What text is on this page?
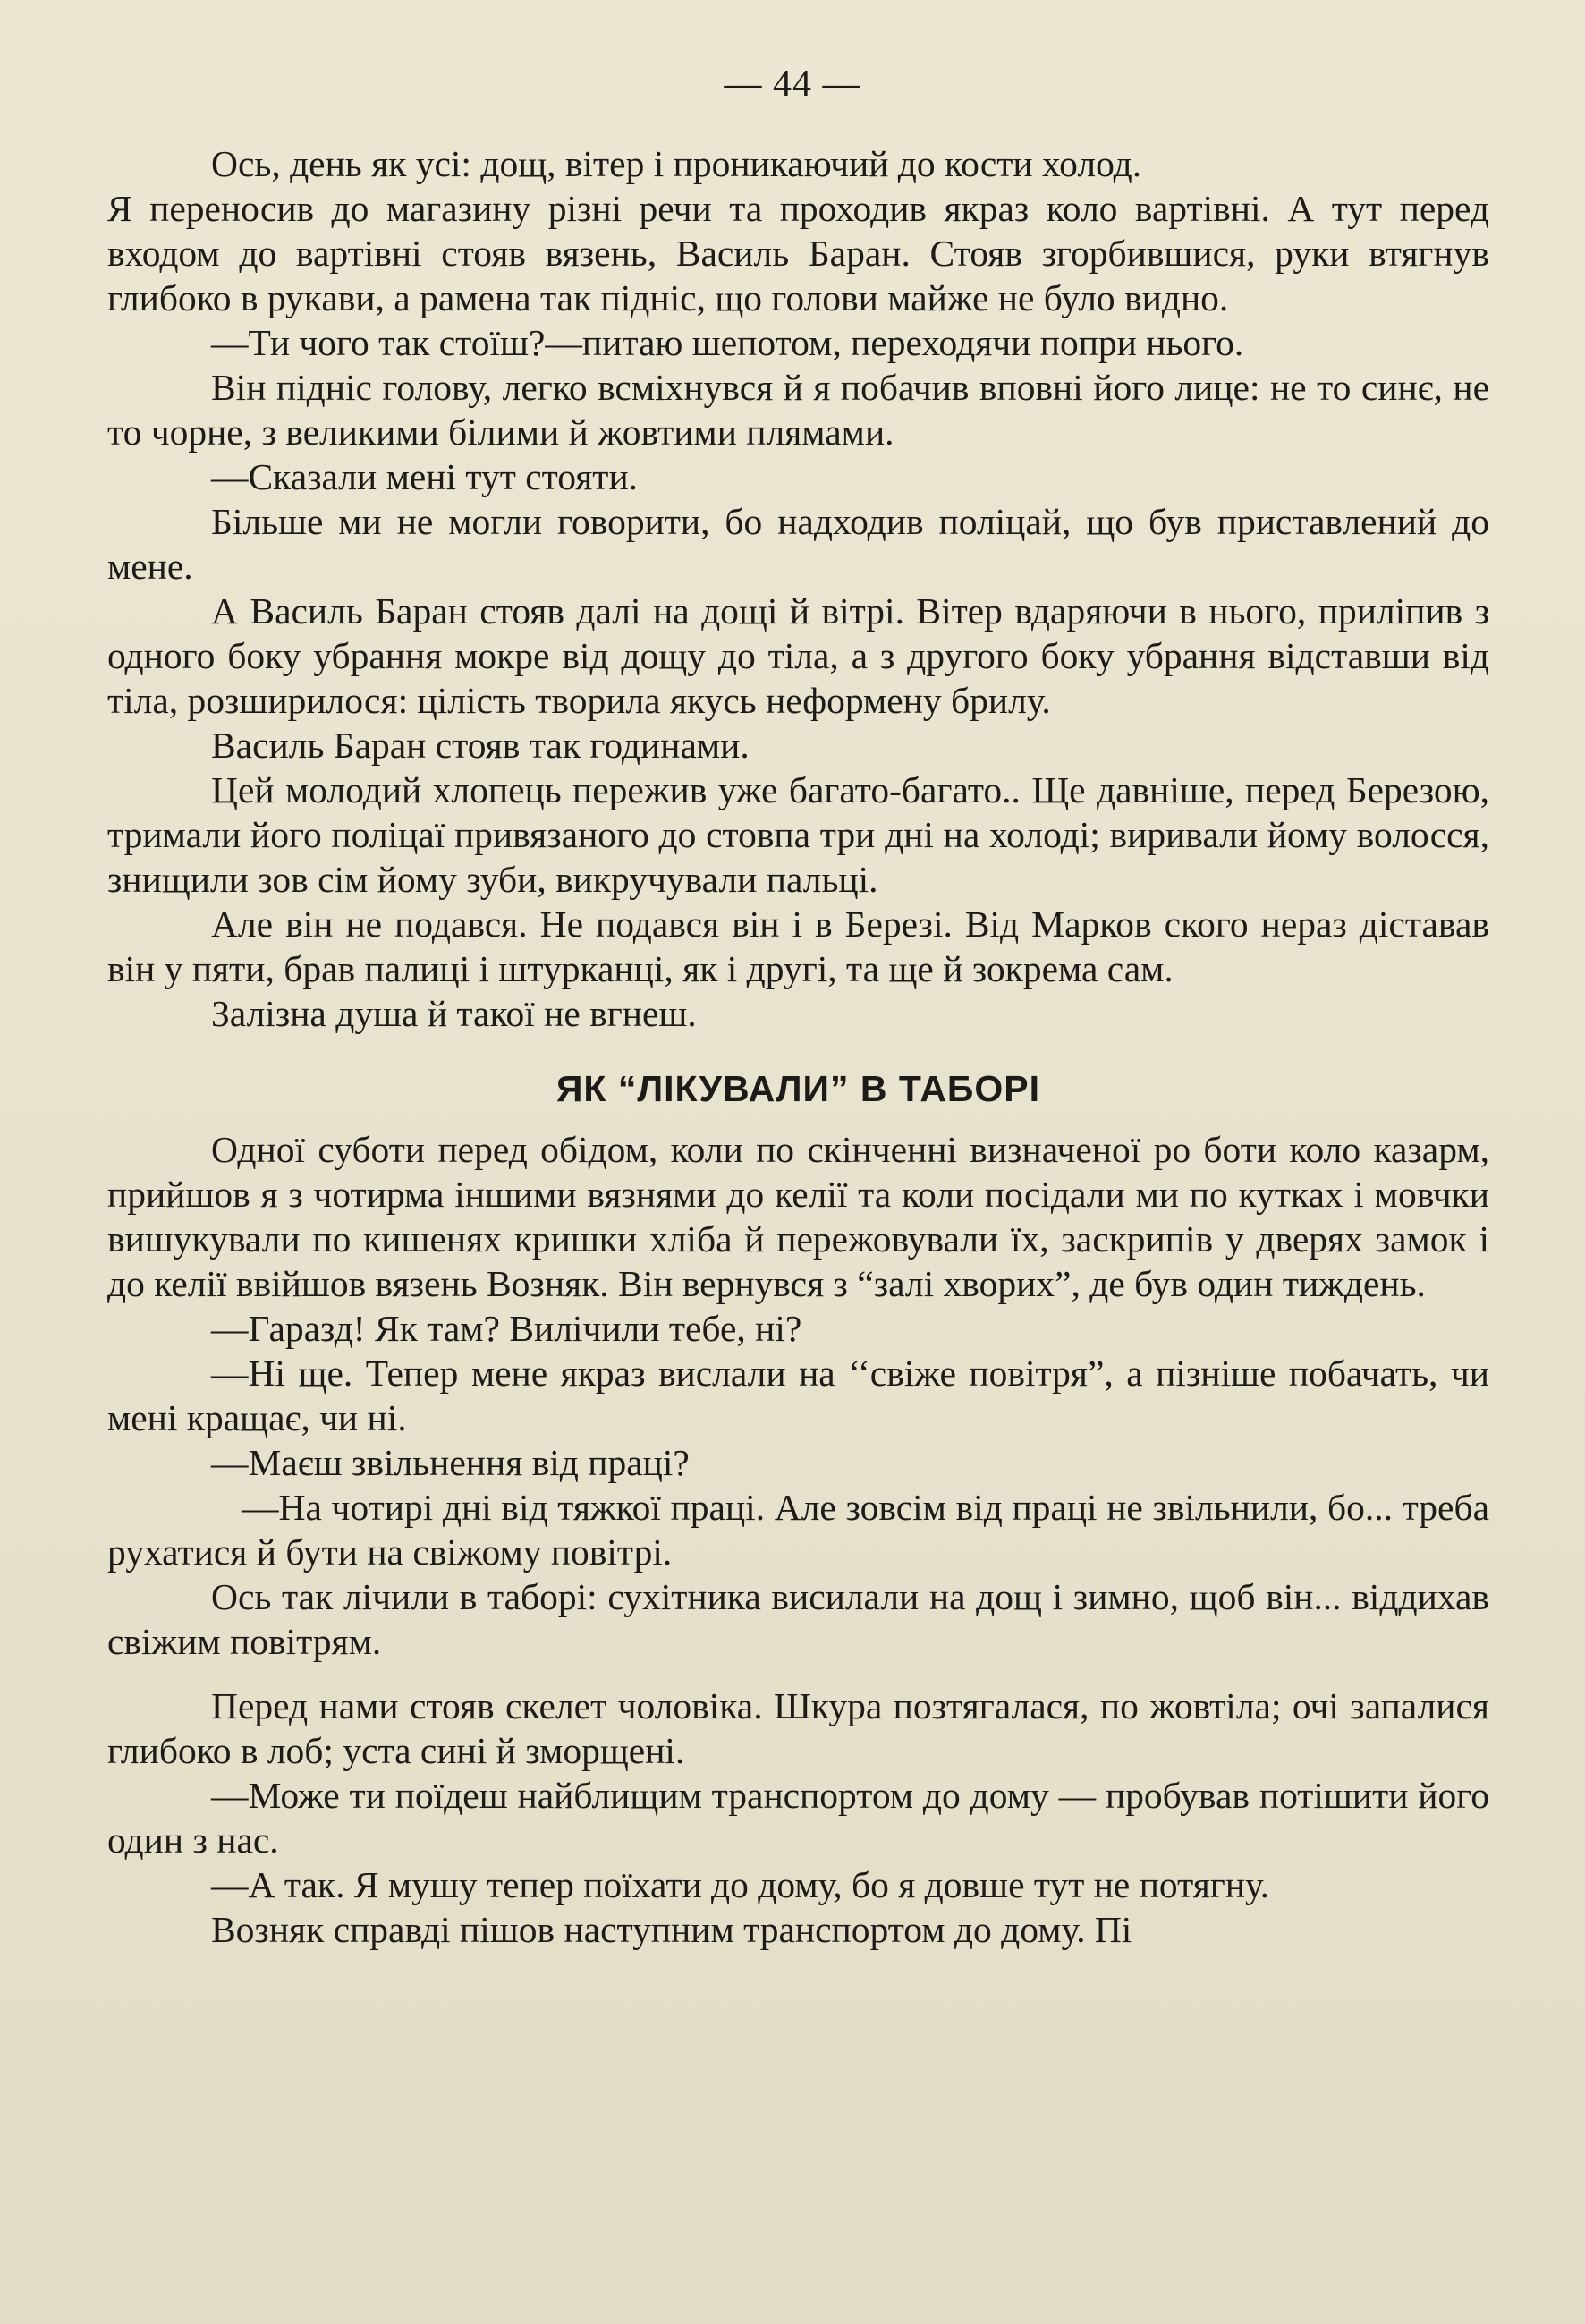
— 44 —

Ось, день як усі: дощ, вітер і проникаючий до кости холод.

Я переносив до магазину різні речи та проходив якраз коло вартівні. А тут перед входом до вартівні стояв вязень, Василь Баран. Стояв згорбившися, руки втягнув глибоко в рукави, а рамена так підніс, що голови майже не було видно.

—Ти чого так стоїш?—питаю шепотом, переходячи попри нього.

Він підніс голову, легко всміхнувся й я побачив вповні його лице: не то синє, не то чорне, з великими білими й жовтими плямами.

—Сказали мені тут стояти.

Більше ми не могли говорити, бо надходив поліцай, що був приставлений до мене.

А Василь Баран стояв далі на дощі й вітрі. Вітер вдаряючи в нього, приліпив з одного боку убрання мокре від дощу до тіла, а з другого боку убрання відставши від тіла, розширилося: цілість творила якусь неформену брилу.

Василь Баран стояв так годинами.

Цей молодий хлопець пережив уже багато-багато.. Ще давніше, перед Березою, тримали його поліцаї привязаного до стовпа три дні на холоді; виривали йому волосся, знищили зов сім йому зуби, викручували пальці.

Але він не подався. Не подався він і в Березі. Від Марков ского нераз діставав він у пяти, брав палиці і штурканці, як і другі, та ще й зокрема сам.

Залізна душа й такої не вгнеш.

ЯК “ЛІКУВАЛИ” В ТАБОРІ

Одної суботи перед обідом, коли по скінченні визначеної ро боти коло казарм, прийшов я з чотирма іншими вязнями до келії та коли посідали ми по кутках і мовчки вишукували по кишенях кришки хліба й пережовували їх, заскрипів у дверях замок і до келії ввійшов вязень Возняк. Він вернувся з “залі хворих”, де був один тиждень.

—Гаразд! Як там? Вилічили тебе, ні?

—Ні ще. Тепер мене якраз вислали на ‘‘свіже повітря”, а пізніше побачать, чи мені кращає, чи ні.

—Маєш звільнення від праці?

—На чотирі дні від тяжкої праці. Але зовсім від праці не звільнили, бо... треба рухатися й бути на свіжому повітрі.

Ось так лічили в таборі: сухітника висилали на дощ і зимно, щоб він... віддихав свіжим повітрям.

Перед нами стояв скелет чоловіка. Шкура позтягалася, по жовтіла; очі запалися глибоко в лоб; уста сині й зморщені.

—Може ти поїдеш найблищим транспортом до дому — пробував потішити його один з нас.

—А так. Я мушу тепер поїхати до дому, бо я довше тут не потягну.

Возняк справді пішов наступним транспортом до дому. Пі
